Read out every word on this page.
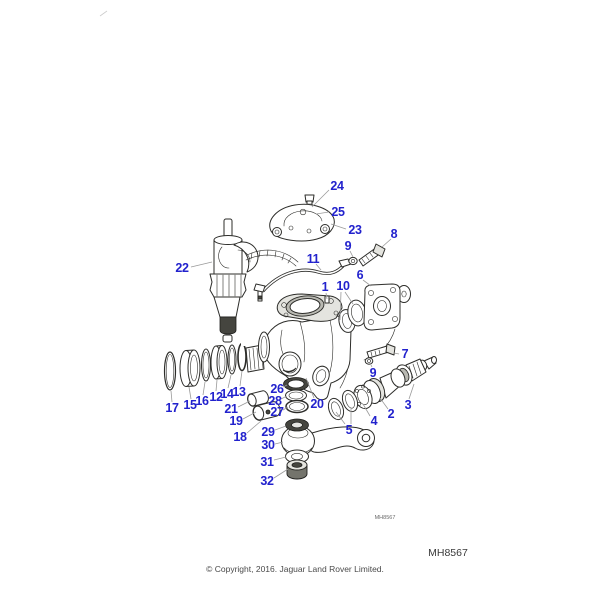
24
25
23 8
9
11
22	6
1 10
7
9
3
2
4
5
17 15
16 12
14
13 26
28
27
20
21
19
18 29
30
31
32
MH8567
MH8567
© Copyright, 2016. Jaguar Land Rover Limited.
